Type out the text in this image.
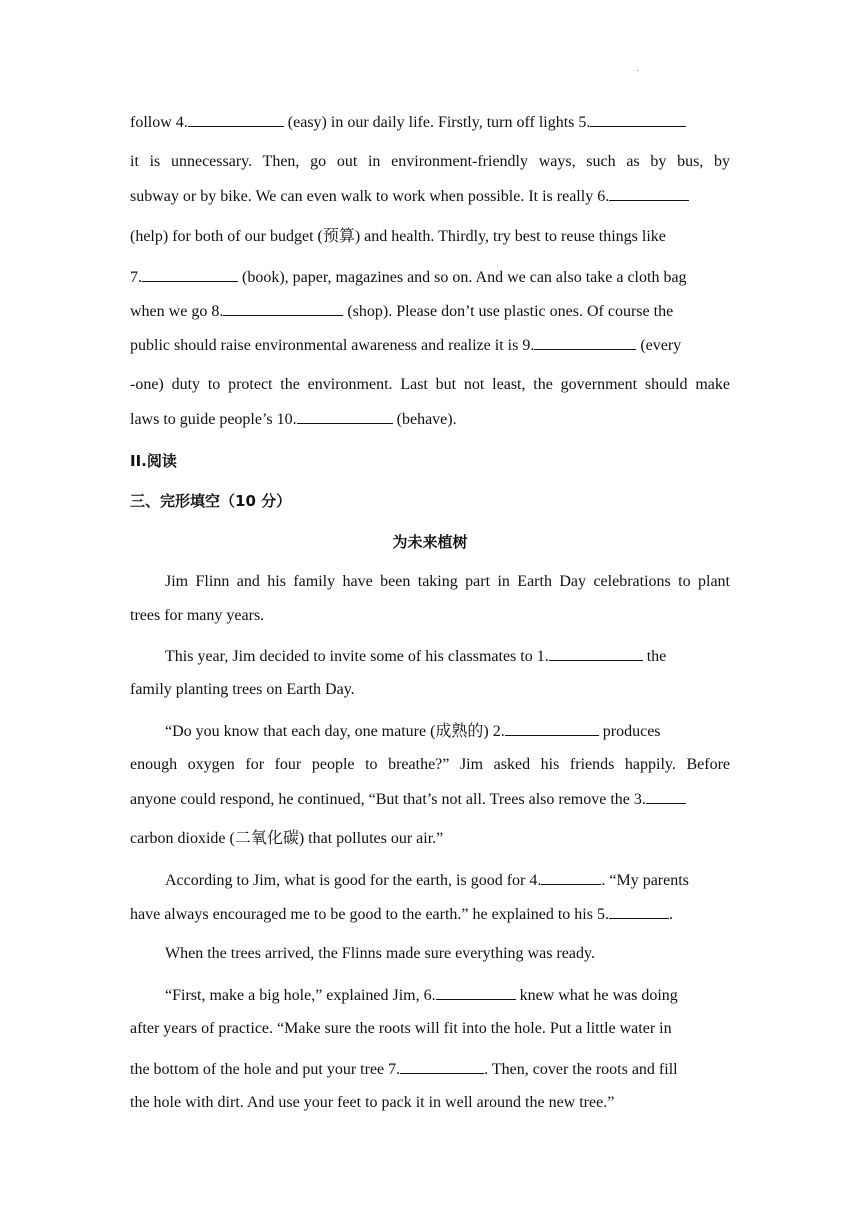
·
follow 4.	(easy) in our daily life. Firstly, turn off lights 5.
it is unnecessary. Then, go out in environment-friendly ways, such as by bus, by
subway or by bike. We can even walk to work when possible. It is really 6.
(help) for both of our budget (预算) and health. Thirdly, try best to reuse things like
7.	(book), paper, magazines and so on. And we can also take a cloth bag
when we go 8.	(shop). Please don’t use plastic ones. Of course the
public should raise environmental awareness and realize it is 9.	(every
-one) duty to protect the environment. Last but not least, the government should make
laws to guide people’s 10.	(behave).
II.阅读
三、完形填空（10 分）
为未来植树
Jim Flinn and his family have been taking part in Earth Day celebrations to plant
trees for many years.
This year, Jim decided to invite some of his classmates to 1.	the
family planting trees on Earth Day.
“Do you know that each day, one mature (成熟的) 2.	produces
enough oxygen for four people to breathe?” Jim asked his friends happily. Before
anyone could respond, he continued, “But that’s not all. Trees also remove the 3.
carbon dioxide (二氧化碳) that pollutes our air.”
According to Jim, what is good for the earth, is good for 4.	. “My parents
have always encouraged me to be good to the earth.” he explained to his 5.	.
When the trees arrived, the Flinns made sure everything was ready.
“First, make a big hole,” explained Jim, 6.	knew what he was doing
after years of practice. “Make sure the roots will fit into the hole. Put a little water in
the bottom of the hole and put your tree 7.	. Then, cover the roots and fill
the hole with dirt. And use your feet to pack it in well around the new tree.”
